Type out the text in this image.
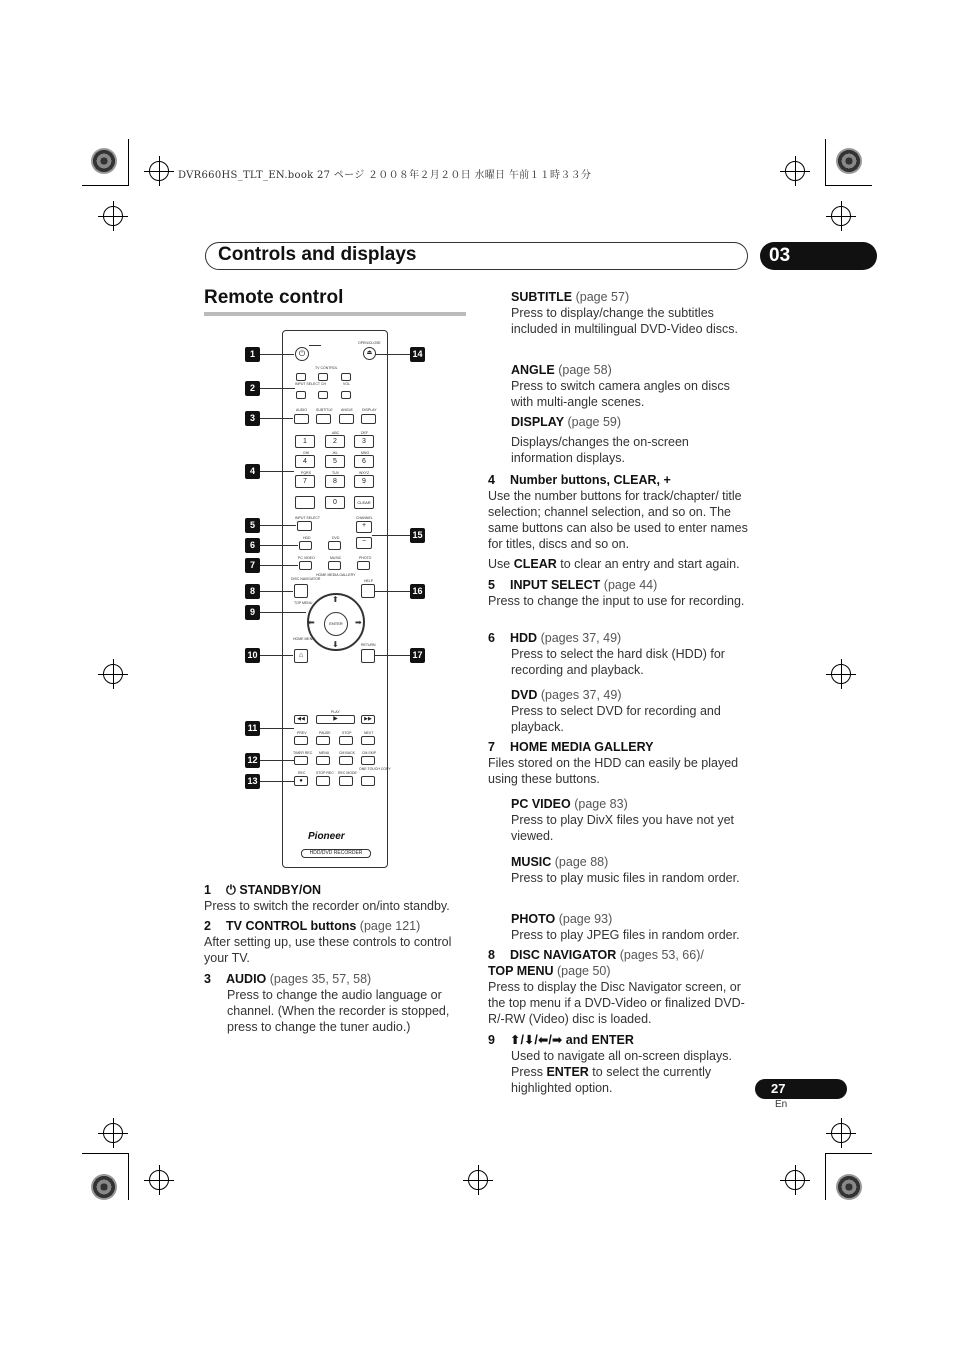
DVR660HS_TLT_EN.book 27 ページ ２００８年２月２０日 水曜日 午前１１時３３分
Controls and displays	03
Remote control
⏻
OPEN/CLOSE
⏏
TV CONTROL
INPUT SELECT CH	VOL
AUDIO	SUBTITLE ANGLE	DISPLAY
ABC	DEF
1	2	3
GHI	JKL	MNO
4	5	6
PQRS	TUV	WXYZ
7	8	9
0	CLEAR
INPUT SELECT	CHANNEL
+
−
HDD	DVD
PC VIDEO	MUSIC	PHOTO
HOME MEDIA GALLERY
DISC NAVIGATOR	HELP
TOP MENU ⬆
⬇
⬅	➡
ENTER
HOME MENU
RETURN
⌂
PLAY
◀◀	▶	▶▶
PREV	PAUSE	STOP	NEXT
TIMER REC MENU	CM BACK CM SKIP
ONE TOUCH COPY
REC	STOP REC REC MODE
●
Pioneer
HDD/DVD RECORDER
1
2
3
4
5
6
7
8
9
10
11
12
13
14
15
16
17
1 ⏻ STANDBY/ON
Press to switch the recorder on/into standby.
2 TV CONTROL buttons (page 121)
After setting up, use these controls to control your TV.
3 AUDIO (pages 35, 57, 58)
Press to change the audio language or channel. (When the recorder is stopped, press to change the tuner audio.)
SUBTITLE (page 57)
Press to display/change the subtitles included in multilingual DVD-Video discs.
ANGLE (page 58)
Press to switch camera angles on discs with multi-angle scenes.
DISPLAY (page 59)
Displays/changes the on-screen information displays.
4 Number buttons, CLEAR, +
Use the number buttons for track/chapter/ title selection; channel selection, and so on. The same buttons can also be used to enter names for titles, discs and so on.
Use CLEAR to clear an entry and start again.
5 INPUT SELECT (page 44)
Press to change the input to use for recording.
6 HDD (pages 37, 49)
Press to select the hard disk (HDD) for recording and playback.
DVD (pages 37, 49)
Press to select DVD for recording and playback.
7 HOME MEDIA GALLERY
Files stored on the HDD can easily be played using these buttons.
PC VIDEO (page 83)
Press to play DivX files you have not yet viewed.
MUSIC (page 88)
Press to play music files in random order.
PHOTO (page 93)
Press to play JPEG files in random order.
8 DISC NAVIGATOR (pages 53, 66)/
TOP MENU (page 50)
Press to display the Disc Navigator screen, or the top menu if a DVD-Video or finalized DVD-R/-RW (Video) disc is loaded.
9 ⬆/⬇/⬅/➡ and ENTER
Used to navigate all on-screen displays. Press ENTER to select the currently highlighted option.	27
En
